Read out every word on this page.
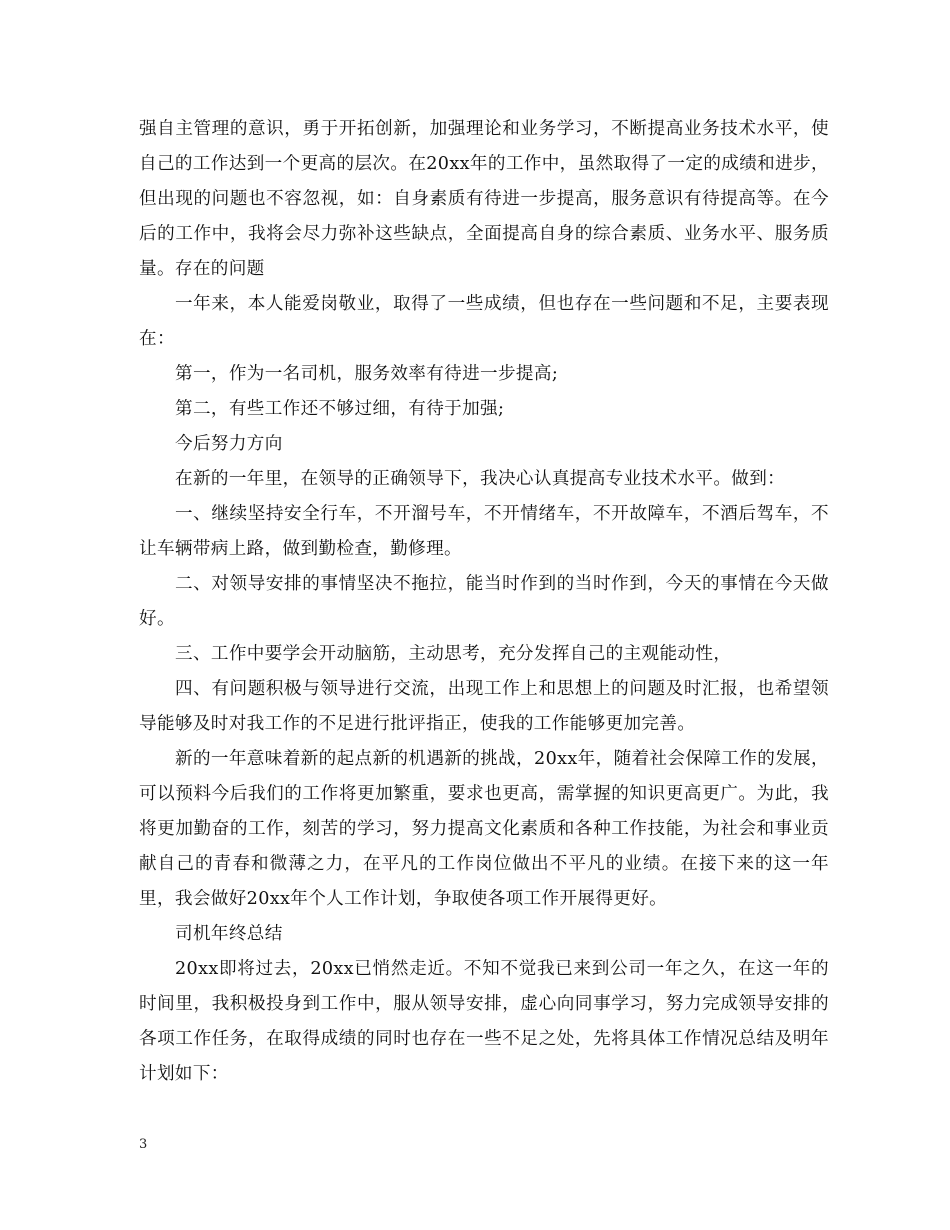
强自主管理的意识，勇于开拓创新，加强理论和业务学习，不断提高业务技术水平，使自己的工作达到一个更高的层次。在20xx年的工作中，虽然取得了一定的成绩和进步，但出现的问题也不容忽视，如：自身素质有待进一步提高，服务意识有待提高等。在今后的工作中，我将会尽力弥补这些缺点，全面提高自身的综合素质、业务水平、服务质量。存在的问题

一年来，本人能爱岗敬业，取得了一些成绩，但也存在一些问题和不足，主要表现在：

第一，作为一名司机，服务效率有待进一步提高;

第二，有些工作还不够过细，有待于加强;

今后努力方向

在新的一年里，在领导的正确领导下，我决心认真提高专业技术水平。做到：

一、继续坚持安全行车，不开溜号车，不开情绪车，不开故障车，不酒后驾车，不让车辆带病上路，做到勤检查，勤修理。

二、对领导安排的事情坚决不拖拉，能当时作到的当时作到，今天的事情在今天做好。

三、工作中要学会开动脑筋，主动思考，充分发挥自己的主观能动性，

四、有问题积极与领导进行交流，出现工作上和思想上的问题及时汇报，也希望领导能够及时对我工作的不足进行批评指正，使我的工作能够更加完善。

新的一年意味着新的起点新的机遇新的挑战，20xx年，随着社会保障工作的发展，可以预料今后我们的工作将更加繁重，要求也更高，需掌握的知识更高更广。为此，我将更加勤奋的工作，刻苦的学习，努力提高文化素质和各种工作技能，为社会和事业贡献自己的青春和微薄之力，在平凡的工作岗位做出不平凡的业绩。在接下来的这一年里，我会做好20xx年个人工作计划，争取使各项工作开展得更好。

司机年终总结

20xx即将过去，20xx已悄然走近。不知不觉我已来到公司一年之久，在这一年的时间里，我积极投身到工作中，服从领导安排，虚心向同事学习，努力完成领导安排的各项工作任务，在取得成绩的同时也存在一些不足之处，先将具体工作情况总结及明年计划如下：

3
